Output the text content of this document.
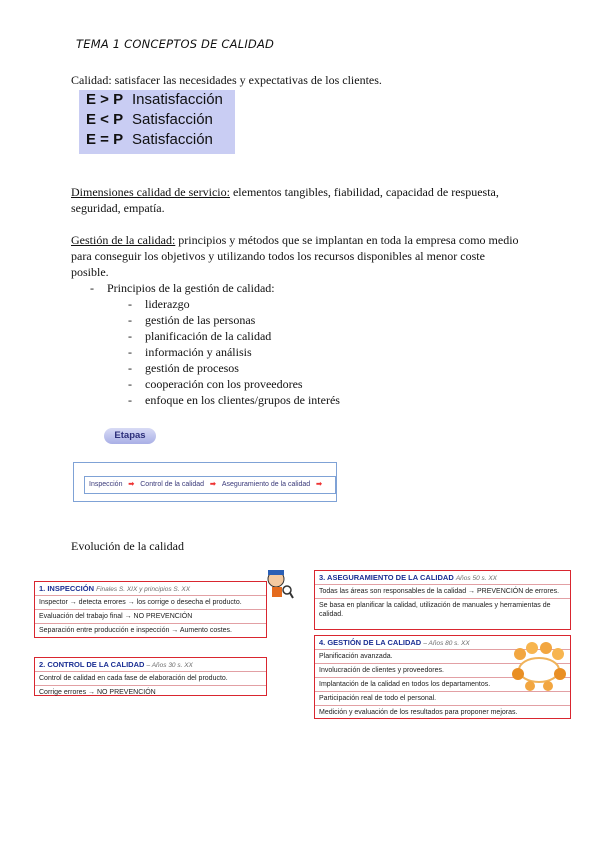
TEMA 1 CONCEPTOS DE CALIDAD
Calidad: satisfacer las necesidades y expectativas de los clientes.
E > P Insatisfacción
E < P Satisfacción
E = P Satisfacción
Dimensiones calidad de servicio: elementos tangibles, fiabilidad, capacidad de respuesta,
seguridad, empatía.
Gestión de la calidad: principios y métodos que se implantan en toda la empresa como medio
para conseguir los objetivos y utilizando todos los recursos disponibles al menor coste
posible.
- Principios de la gestión de calidad:
- liderazgo
- gestión de las personas
- planificación de la calidad
- información y análisis
- gestión de procesos
- cooperación con los proveedores
- enfoque en los clientes/grupos de interés
Etapas
Inspección ➡ Control de la calidad ➡ Aseguramiento de la calidad ➡
Evolución de la calidad
1. INSPECCIÓN Finales S. XIX y principios S. XX
Inspector → detecta errores → los corrige o desecha el producto.
Evaluación del trabajo final → NO PREVENCIÓN
Separación entre producción e inspección → Aumento costes.
2. CONTROL DE LA CALIDAD – Años 30 s. XX
Control de calidad en cada fase de elaboración del producto.
Corrige errores → NO PREVENCIÓN
3. ASEGURAMIENTO DE LA CALIDAD Años 50 s. XX
Todas las áreas son responsables de la calidad → PREVENCIÓN de errores.
Se basa en planificar la calidad, utilización de manuales y herramientas de calidad.
4. GESTIÓN DE LA CALIDAD – Años 80 s. XX
Planificación avanzada.
Involucración de clientes y proveedores.
Implantación de la calidad en todos los departamentos.
Participación real de todo el personal.
Medición y evaluación de los resultados para proponer mejoras.
